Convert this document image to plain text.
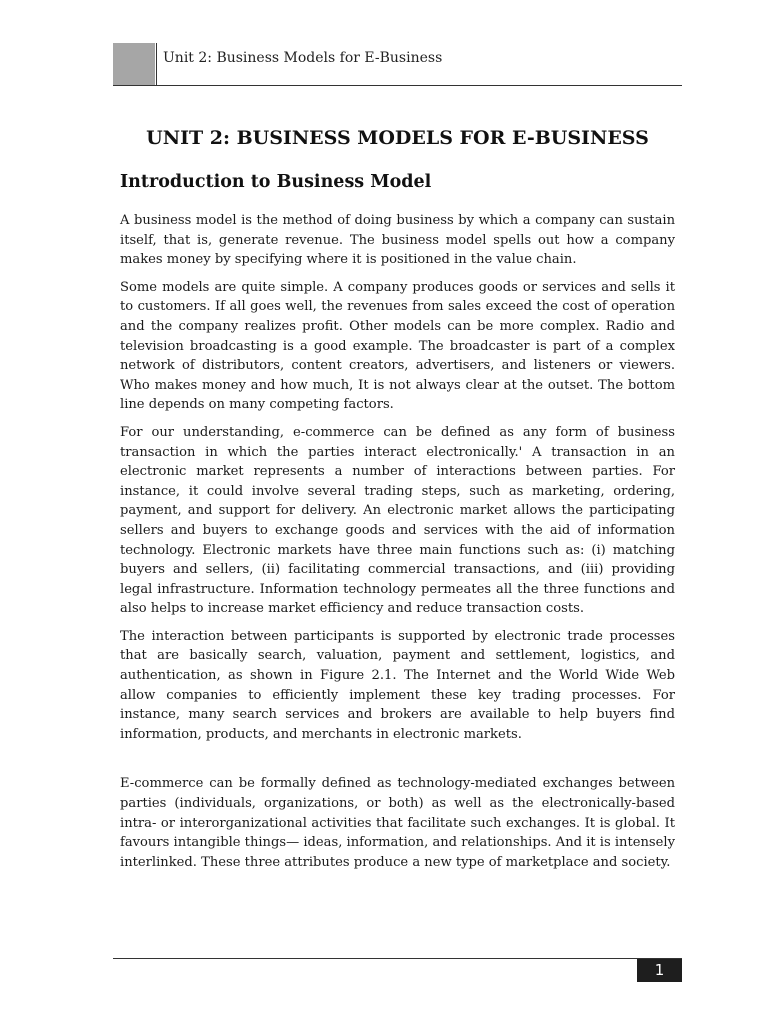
Unit 2: Business Models for E-Business
UNIT 2: BUSINESS MODELS FOR E-BUSINESS
Introduction to Business Model

A business model is the method of doing business by which a company can sustain itself, that is, generate revenue. The business model spells out how a company makes money by specifying where it is positioned in the value chain.

Some models are quite simple. A company produces goods or services and sells it to customers. If all goes well, the revenues from sales exceed the cost of operation and the company realizes profit. Other models can be more complex. Radio and television broadcasting is a good example. The broadcaster is part of a complex network of distributors, content creators, advertisers, and listeners or viewers. Who makes money and how much, It is not always clear at the outset. The bottom line depends on many competing factors.

For our understanding, e-commerce can be defined as any form of business transaction in which the parties interact electronically.' A transaction in an electronic market represents a number of interactions between parties. For instance, it could involve several trading steps, such as marketing, ordering, payment, and support for delivery. An electronic market allows the participating sellers and buyers to exchange goods and services with the aid of information technology. Electronic markets have three main functions such as: (i) matching buyers and sellers, (ii) facilitating commercial transactions, and (iii) providing legal infrastructure. Information technology permeates all the three functions and also helps to increase market efficiency and reduce transaction costs.

The interaction between participants is supported by electronic trade processes that are basically search, valuation, payment and settlement, logistics, and authentication, as shown in Figure 2.1. The Internet and the World Wide Web allow companies to efficiently implement these key trading processes. For instance, many search services and brokers are available to help buyers find information, products, and merchants in electronic markets.

E-commerce can be formally defined as technology-mediated exchanges between parties (individuals, organizations, or both) as well as the electronically-based intra- or interorganizational activities that facilitate such exchanges. It is global. It favours intangible things— ideas, information, and relationships. And it is intensely interlinked. These three attributes produce a new type of marketplace and society.

1
